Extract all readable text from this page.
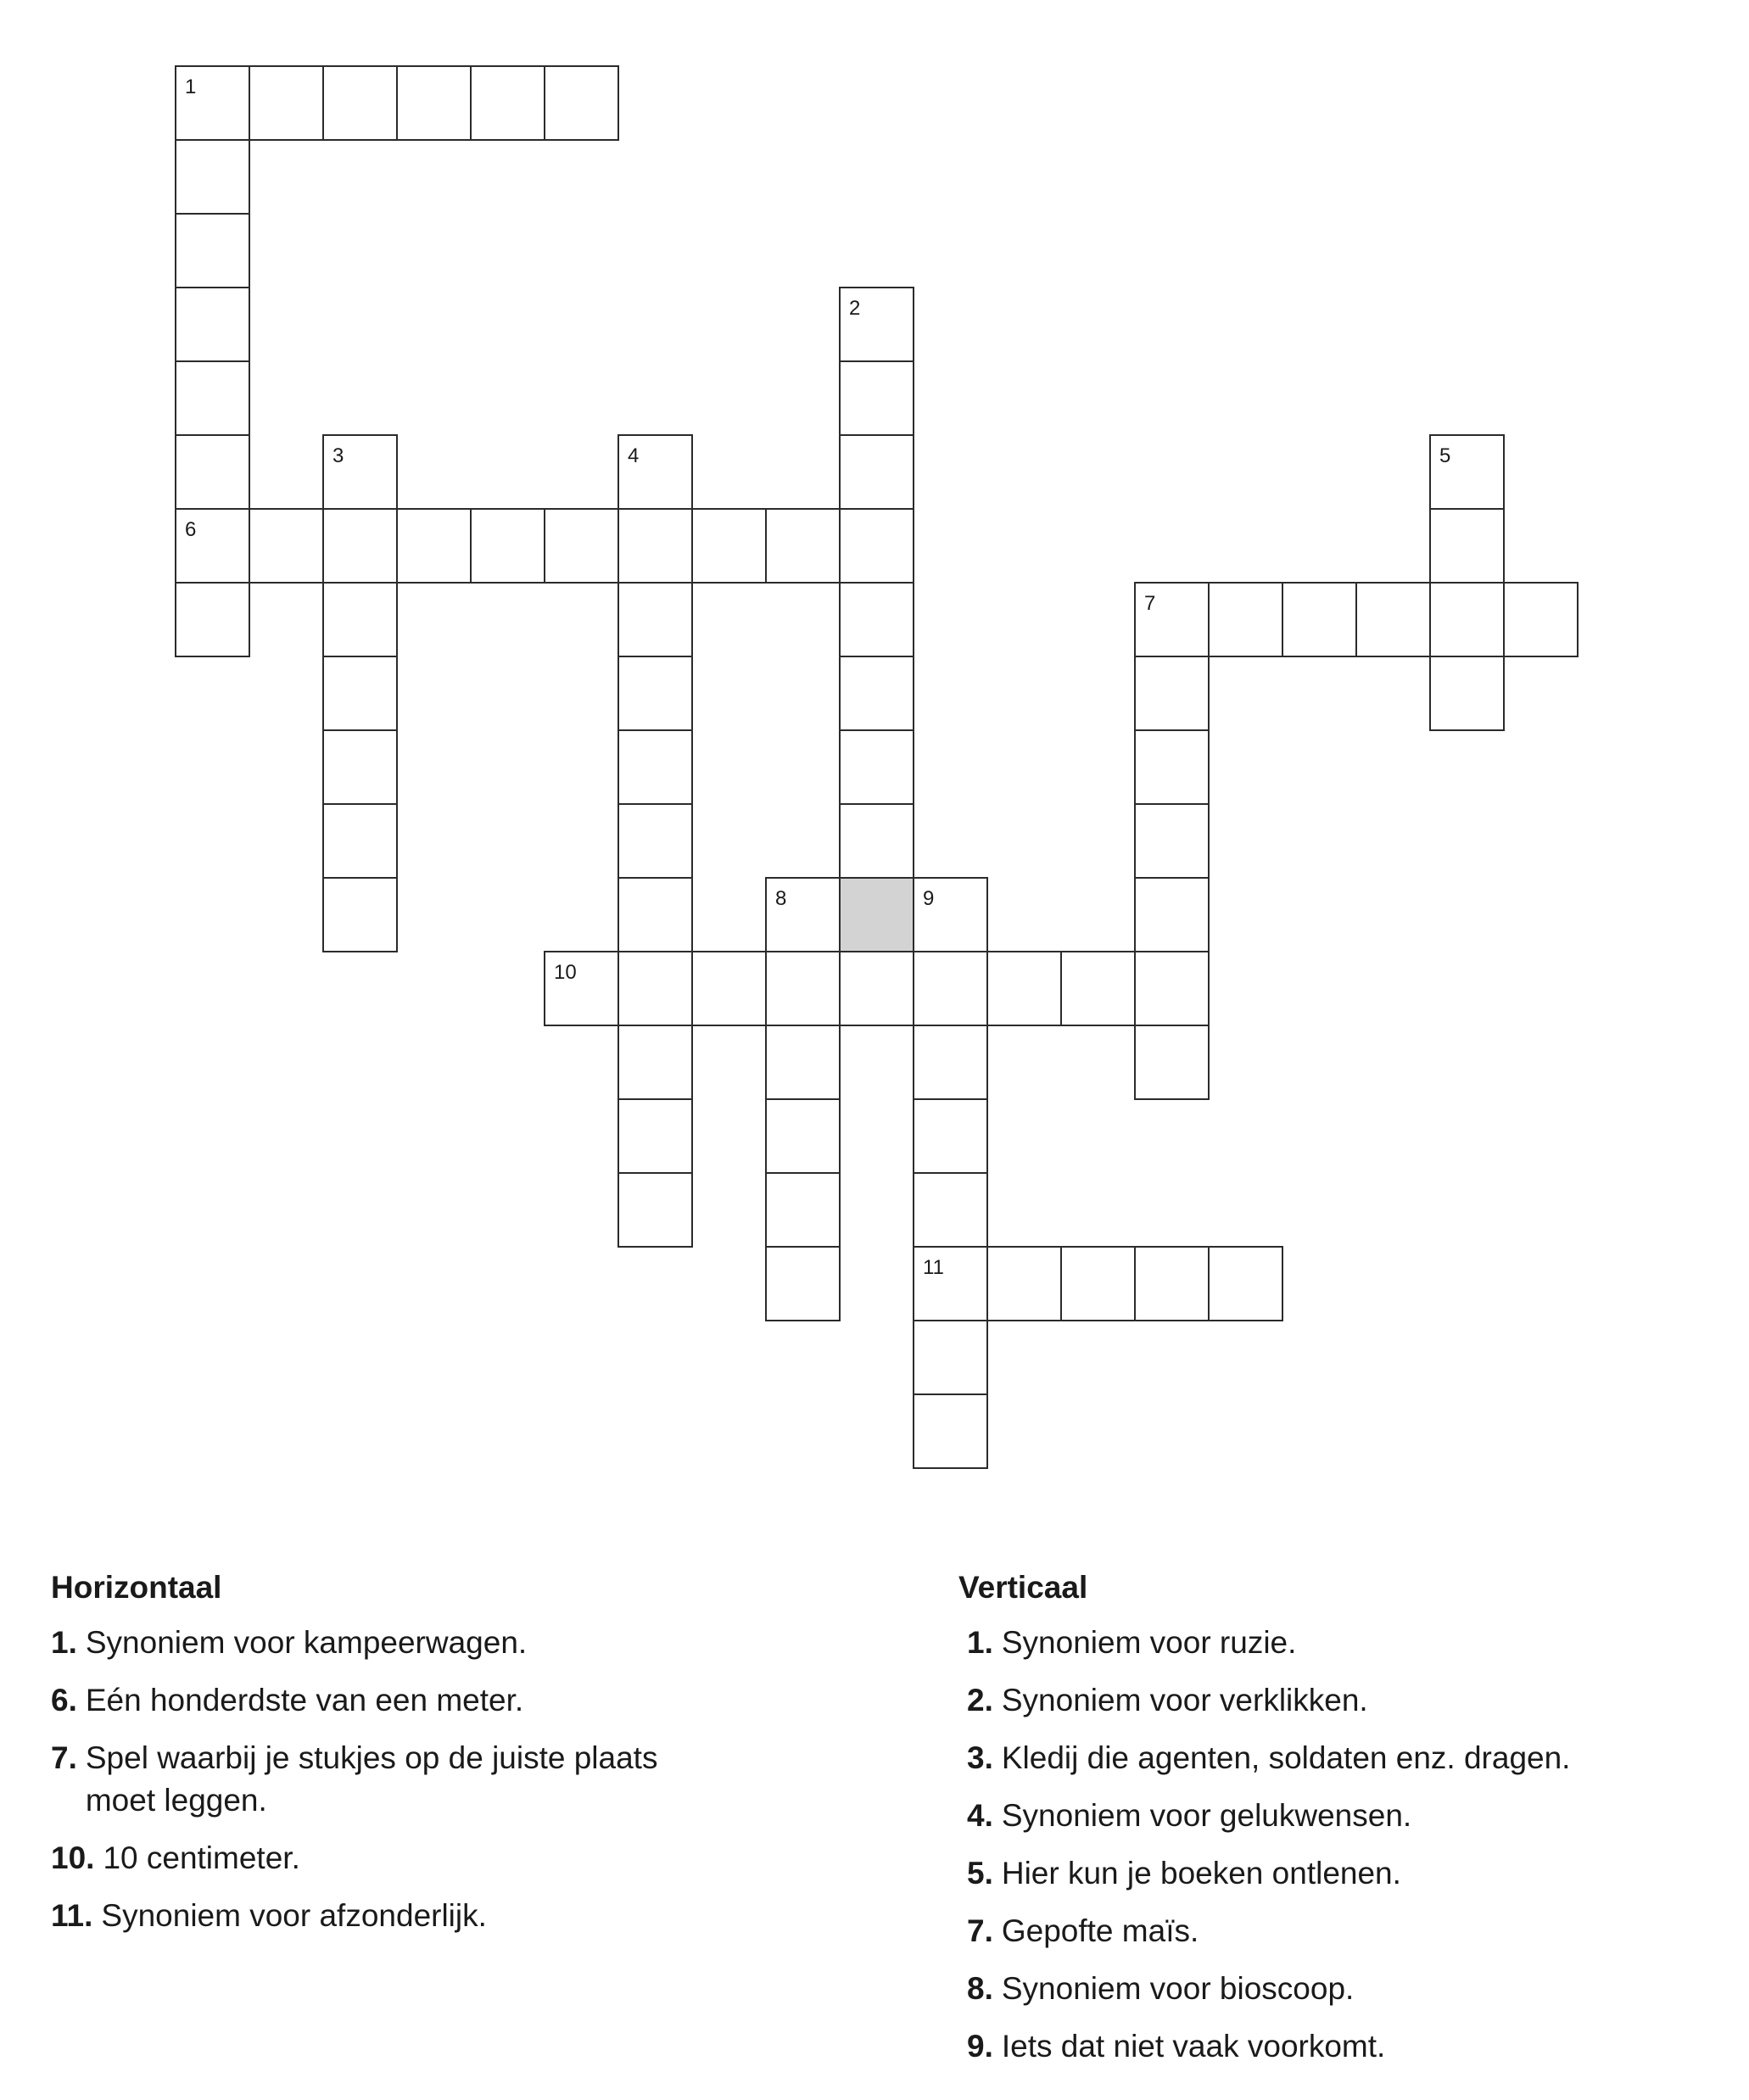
1
6
2
3	4	5
7
8	9
11
10
Horizontaal
1. Synoniem voor kampeerwagen.
6. Eén honderdste van een meter.
7. Spel waarbij je stukjes op de juiste plaats moet leggen.
10. 10 centimeter.
11. Synoniem voor afzonderlijk.
Verticaal
1. Synoniem voor ruzie.
2. Synoniem voor verklikken.
3. Kledij die agenten, soldaten enz. dragen.
4. Synoniem voor gelukwensen.
5. Hier kun je boeken ontlenen.
7. Gepofte maïs.
8. Synoniem voor bioscoop.
9. Iets dat niet vaak voorkomt.
